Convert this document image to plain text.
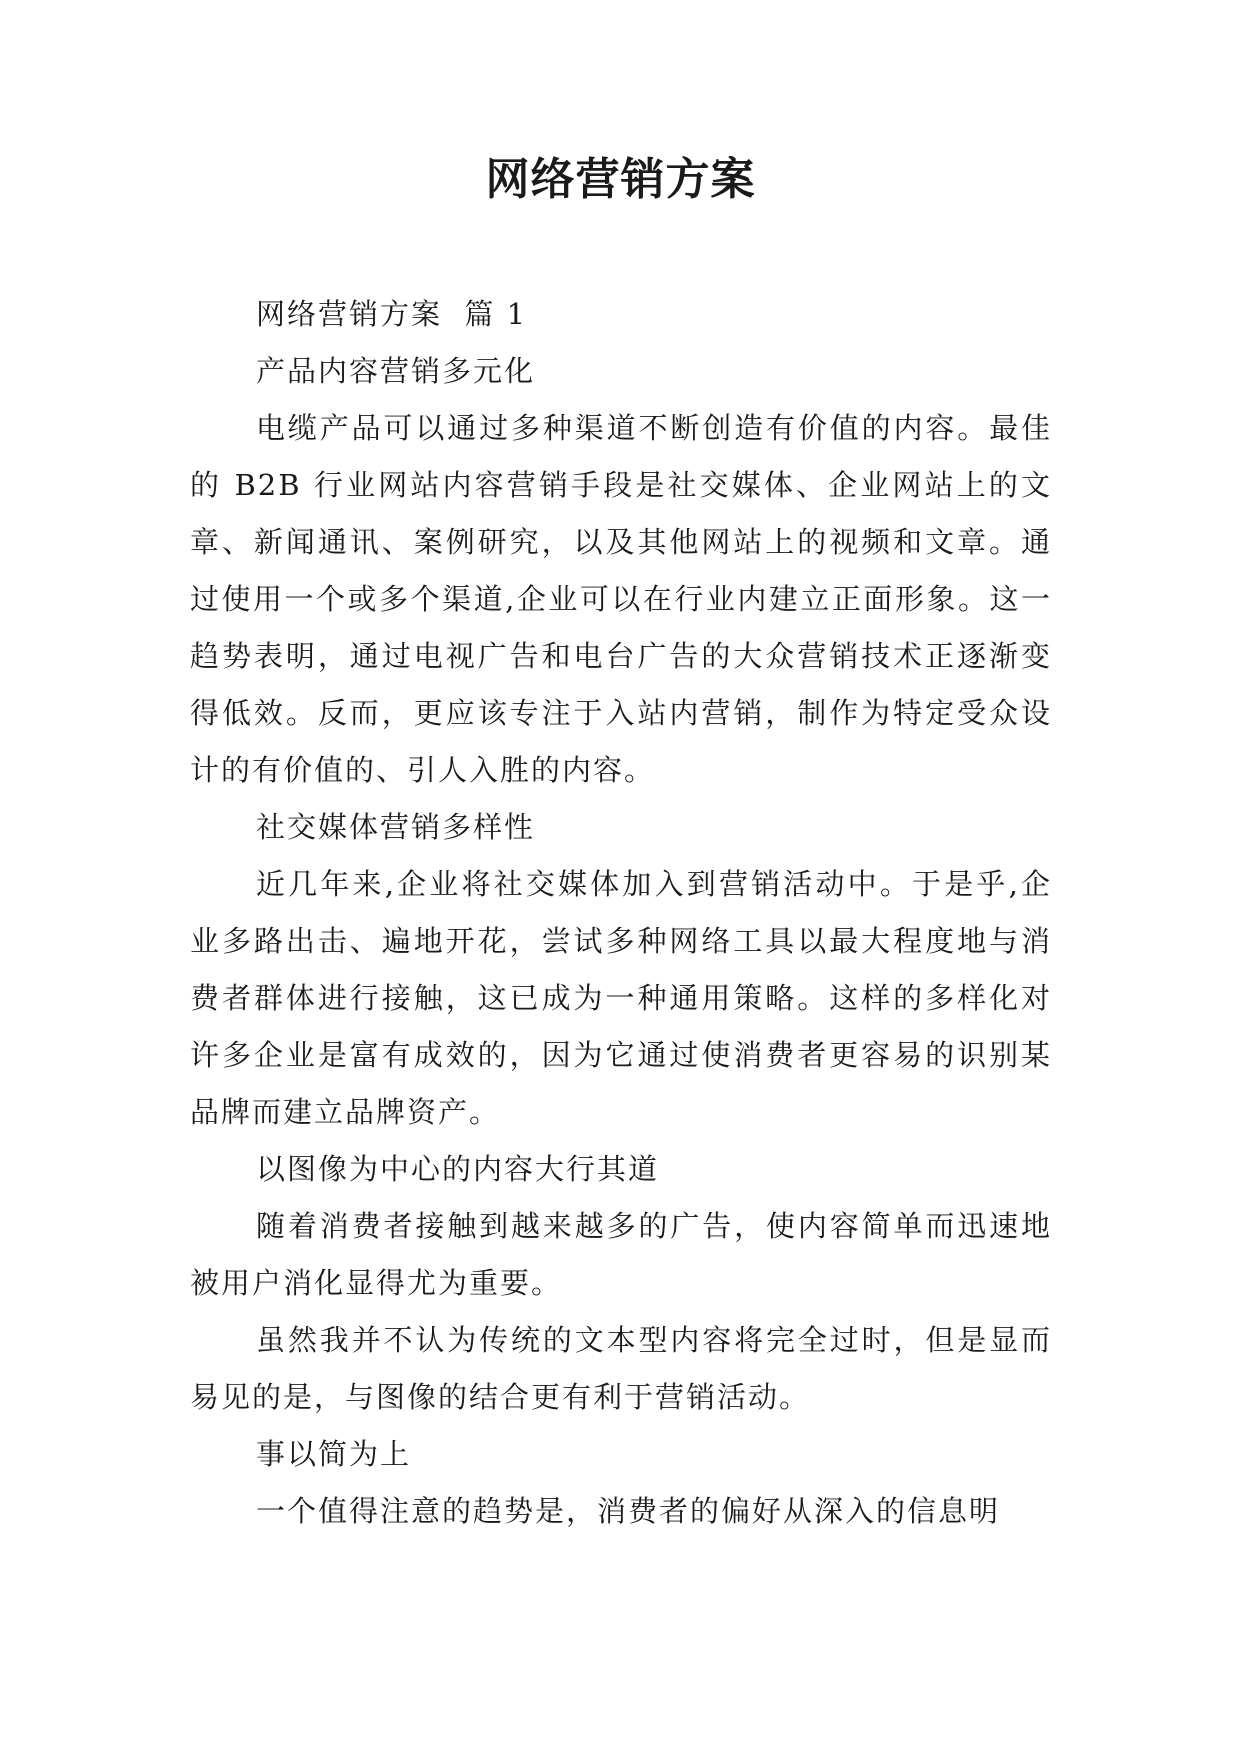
网络营销方案

网络营销方案  篇 1

产品内容营销多元化

电缆产品可以通过多种渠道不断创造有价值的内容。最佳的 B2B 行业网站内容营销手段是社交媒体、企业网站上的文章、新闻通讯、案例研究，以及其他网站上的视频和文章。通过使用一个或多个渠道,企业可以在行业内建立正面形象。这一趋势表明，通过电视广告和电台广告的大众营销技术正逐渐变得低效。反而，更应该专注于入站内营销，制作为特定受众设计的有价值的、引人入胜的内容。

社交媒体营销多样性

近几年来,企业将社交媒体加入到营销活动中。于是乎,企业多路出击、遍地开花，尝试多种网络工具以最大程度地与消费者群体进行接触，这已成为一种通用策略。这样的多样化对许多企业是富有成效的，因为它通过使消费者更容易的识别某品牌而建立品牌资产。

以图像为中心的内容大行其道

随着消费者接触到越来越多的广告，使内容简单而迅速地被用户消化显得尤为重要。

虽然我并不认为传统的文本型内容将完全过时，但是显而易见的是，与图像的结合更有利于营销活动。

事以简为上

一个值得注意的趋势是，消费者的偏好从深入的信息明
